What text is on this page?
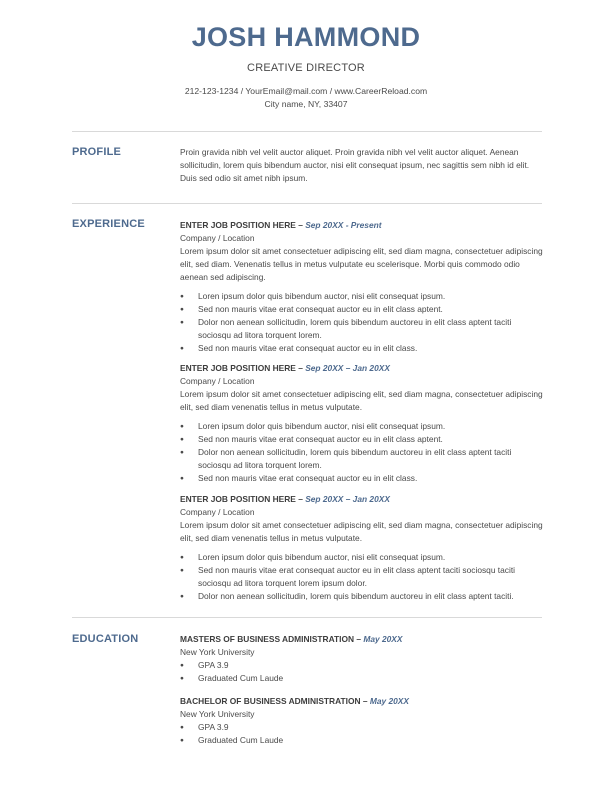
JOSH HAMMOND
CREATIVE DIRECTOR
212-123-1234 / YourEmail@mail.com / www.CareerReload.com
City name, NY, 33407
PROFILE	Proin gravida nibh vel velit auctor aliquet. Proin gravida nibh vel velit auctor aliquet. Aenean sollicitudin, lorem quis bibendum auctor, nisi elit consequat ipsum, nec sagittis sem nibh id elit. Duis sed odio sit amet nibh ipsum.
EXPERIENCE	ENTER JOB POSITION HERE – Sep 20XX - Present
Company / Location
Lorem ipsum dolor sit amet consectetuer adipiscing elit, sed diam magna, consectetuer adipiscing elit, sed diam. Venenatis tellus in metus vulputate eu scelerisque. Morbi quis commodo odio aenean sed adipiscing.
● Loren ipsum dolor quis bibendum auctor, nisi elit consequat ipsum.
● Sed non mauris vitae erat consequat auctor eu in elit class aptent.
● Dolor non aenean sollicitudin, lorem quis bibendum auctoreu in elit class aptent taciti sociosqu ad litora torquent lorem.
● Sed non mauris vitae erat consequat auctor eu in elit class.
ENTER JOB POSITION HERE – Sep 20XX – Jan 20XX
Company / Location
Lorem ipsum dolor sit amet consectetuer adipiscing elit, sed diam magna, consectetuer adipiscing elit, sed diam venenatis tellus in metus vulputate.
● Loren ipsum dolor quis bibendum auctor, nisi elit consequat ipsum.
● Sed non mauris vitae erat consequat auctor eu in elit class aptent.
● Dolor non aenean sollicitudin, lorem quis bibendum auctoreu in elit class aptent taciti sociosqu ad litora torquent lorem.
● Sed non mauris vitae erat consequat auctor eu in elit class.
ENTER JOB POSITION HERE – Sep 20XX – Jan 20XX
Company / Location
Lorem ipsum dolor sit amet consectetuer adipiscing elit, sed diam magna, consectetuer adipiscing elit, sed diam venenatis tellus in metus vulputate.
● Loren ipsum dolor quis bibendum auctor, nisi elit consequat ipsum.
● Sed non mauris vitae erat consequat auctor eu in elit class aptent taciti sociosqu taciti sociosqu ad litora torquent lorem ipsum dolor.
● Dolor non aenean sollicitudin, lorem quis bibendum auctoreu in elit class aptent taciti.
EDUCATION	MASTERS OF BUSINESS ADMINISTRATION – May 20XX
New York University
● GPA 3.9
● Graduated Cum Laude
BACHELOR OF BUSINESS ADMINISTRATION – May 20XX
New York University
● GPA 3.9
● Graduated Cum Laude
